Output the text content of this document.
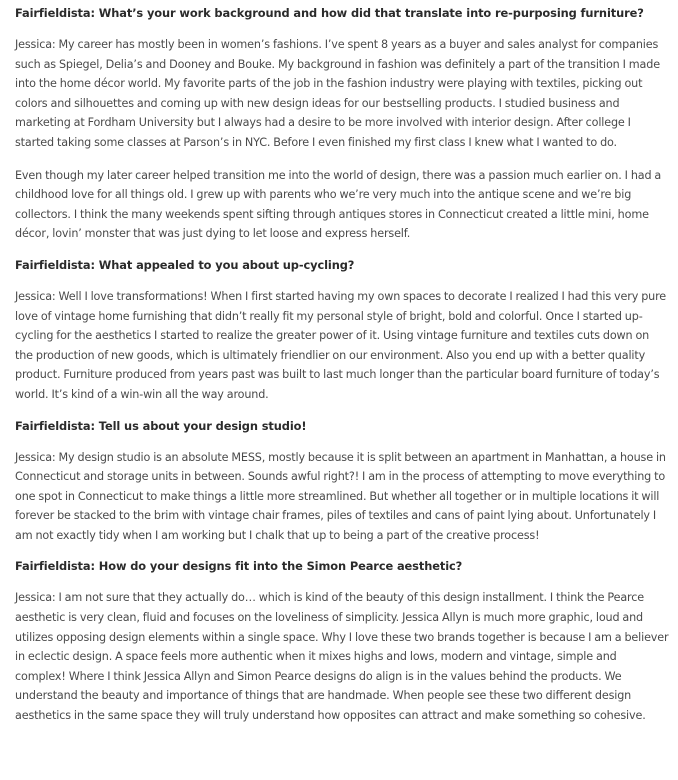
Fairfieldista: What’s your work background and how did that translate into re-purposing furniture?

Jessica: My career has mostly been in women’s fashions. I’ve spent 8 years as a buyer and sales analyst for companies such as Spiegel, Delia’s and Dooney and Bouke. My background in fashion was definitely a part of the transition I made into the home décor world. My favorite parts of the job in the fashion industry were playing with textiles, picking out colors and silhouettes and coming up with new design ideas for our bestselling products. I studied business and marketing at Fordham University but I always had a desire to be more involved with interior design. After college I started taking some classes at Parson’s in NYC. Before I even finished my first class I knew what I wanted to do.

Even though my later career helped transition me into the world of design, there was a passion much earlier on. I had a childhood love for all things old. I grew up with parents who we’re very much into the antique scene and we’re big collectors. I think the many weekends spent sifting through antiques stores in Connecticut created a little mini, home décor, lovin’ monster that was just dying to let loose and express herself.

Fairfieldista: What appealed to you about up-cycling?

Jessica: Well I love transformations! When I first started having my own spaces to decorate I realized I had this very pure love of vintage home furnishing that didn’t really fit my personal style of bright, bold and colorful. Once I started up-cycling for the aesthetics I started to realize the greater power of it. Using vintage furniture and textiles cuts down on the production of new goods, which is ultimately friendlier on our environment. Also you end up with a better quality product. Furniture produced from years past was built to last much longer than the particular board furniture of today’s world. It’s kind of a win-win all the way around.

Fairfieldista: Tell us about your design studio!

Jessica: My design studio is an absolute MESS, mostly because it is split between an apartment in Manhattan, a house in Connecticut and storage units in between. Sounds awful right?! I am in the process of attempting to move everything to one spot in Connecticut to make things a little more streamlined. But whether all together or in multiple locations it will forever be stacked to the brim with vintage chair frames, piles of textiles and cans of paint lying about. Unfortunately I am not exactly tidy when I am working but I chalk that up to being a part of the creative process!

Fairfieldista: How do your designs fit into the Simon Pearce aesthetic?

Jessica: I am not sure that they actually do… which is kind of the beauty of this design installment. I think the Pearce aesthetic is very clean, fluid and focuses on the loveliness of simplicity. Jessica Allyn is much more graphic, loud and utilizes opposing design elements within a single space. Why I love these two brands together is because I am a believer in eclectic design. A space feels more authentic when it mixes highs and lows, modern and vintage, simple and complex! Where I think Jessica Allyn and Simon Pearce designs do align is in the values behind the products. We understand the beauty and importance of things that are handmade. When people see these two different design aesthetics in the same space they will truly understand how opposites can attract and make something so cohesive.
